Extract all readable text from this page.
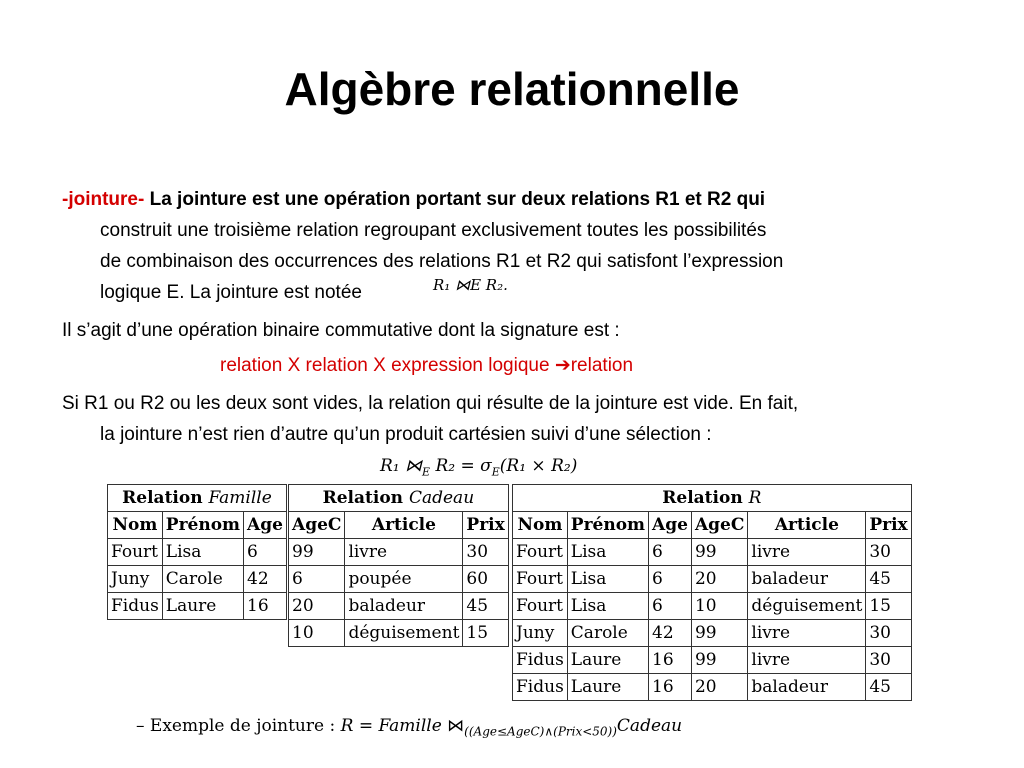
Algèbre relationnelle
-jointure- La jointure est une opération portant sur deux relations R1 et R2 qui
construit une troisième relation regroupant exclusivement toutes les possibilités
de combinaison des occurrences des relations R1 et R2 qui satisfont l’expression
logique E. La jointure est notée	R₁ ⋈E R₂.
Il s’agit d’une opération binaire commutative dont la signature est :
relation X relation X expression logique ➔relation
Si R1 ou R2 ou les deux sont vides, la relation qui résulte de la jointure est vide. En fait,
la jointure n’est rien d’autre qu’un produit cartésien suivi d’une sélection :
R₁ $⋈_E$ $R_2 = \sigma_E(R_1 \times R_2)$
Relation Famille		
Nom	Prénom	Age
Fourt	Lisa	6
Juny	Carole	42
Fidus	Laure	16
Relation Cadeau		
AgeC	Article	Prix
99	livre	30
6	poupée	60
20	baladeur	45
10	déguisement	15
Relation R					
Nom	Prénom	Age	AgeC	Article	Prix
Fourt	Lisa	6	99	livre	30
Fourt	Lisa	6	20	baladeur	45
Fourt	Lisa	6	10	déguisement	15
Juny	Carole	42	99	livre	30
Fidus	Laure	16	99	livre	30
Fidus	Laure	16	20	baladeur	45
– Exemple de jointure : R = Famille $⋈_{((Age\le AgeC)\wedge(Prix<50))}Cadeau$
